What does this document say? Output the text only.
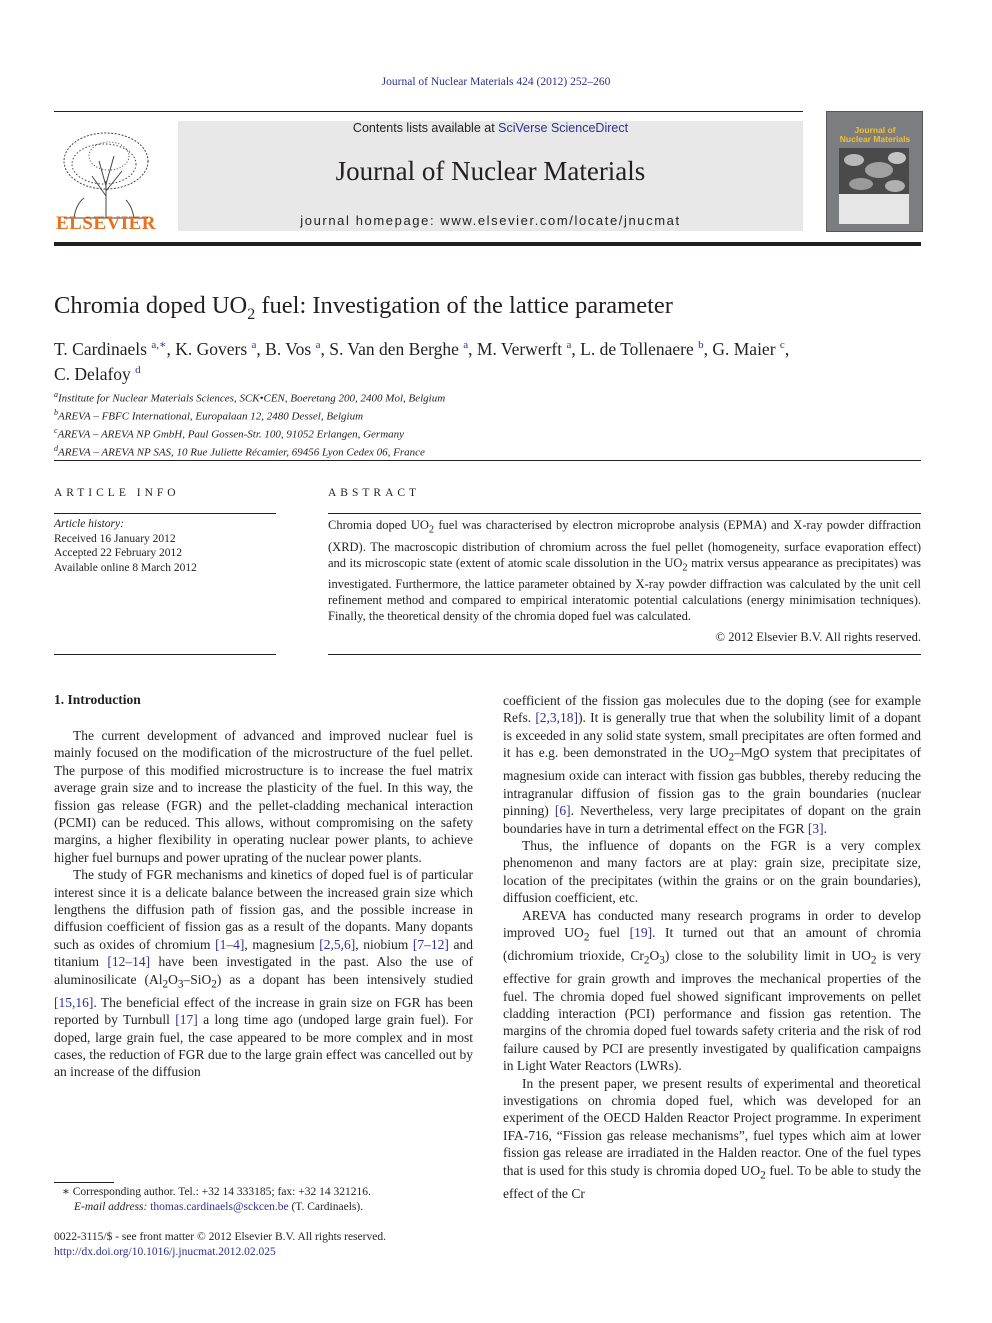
Journal of Nuclear Materials 424 (2012) 252–260
ELSEVIER
Contents lists available at SciVerse ScienceDirect
Journal of Nuclear Materials
journal homepage: www.elsevier.com/locate/jnucmat
Journal of Nuclear Materials
Chromia doped $UO_2$ fuel: Investigation of the lattice parameter
T. Cardinaels $^{a,∗}$, K. Govers $^a$, B. Vos $^a$, S. Van den Berghe $^a$, M. Verwerft $^a$, L. de Tollenaere $^b$, G. Maier $^c$,
C. Delafoy $^d$
$^a$Institute for Nuclear Materials Sciences, SCK•CEN, Boeretang 200, 2400 Mol, Belgium
$^b$AREVA – FBFC International, Europalaan 12, 2480 Dessel, Belgium
$^c$AREVA – AREVA NP GmbH, Paul Gossen-Str. 100, 91052 Erlangen, Germany
$^d$AREVA – AREVA NP SAS, 10 Rue Juliette Récamier, 69456 Lyon Cedex 06, France
ARTICLE INFO	ABSTRACT
Article history:
Received 16 January 2012
Accepted 22 February 2012
Available online 8 March 2012
Chromia doped $UO_2$ fuel was characterised by electron microprobe analysis (EPMA) and X-ray powder diffraction (XRD). The macroscopic distribution of chromium across the fuel pellet (homogeneity, surface evaporation effect) and its microscopic state (extent of atomic scale dissolution in the $UO_2$ matrix versus appearance as precipitates) was investigated. Furthermore, the lattice parameter obtained by X-ray powder diffraction was calculated by the unit cell refinement method and compared to empirical interatomic potential calculations (energy minimisation techniques). Finally, the theoretical density of the chromia doped fuel was calculated.
© 2012 Elsevier B.V. All rights reserved.
1. Introduction

The current development of advanced and improved nuclear fuel is mainly focused on the modification of the microstructure of the fuel pellet. The purpose of this modified microstructure is to increase the fuel matrix average grain size and to increase the plasticity of the fuel. In this way, the fission gas release (FGR) and the pellet-cladding mechanical interaction (PCMI) can be reduced. This allows, without compromising on the safety margins, a higher flexibility in operating nuclear power plants, to achieve higher fuel burnups and power uprating of the nuclear power plants.

The study of FGR mechanisms and kinetics of doped fuel is of particular interest since it is a delicate balance between the increased grain size which lengthens the diffusion path of fission gas, and the possible increase in diffusion coefficient of fission gas as a result of the dopants. Many dopants such as oxides of chromium [1–4], magnesium [2,5,6], niobium [7–12] and titanium [12–14] have been investigated in the past. Also the use of aluminosilicate $(Al_2O_3-SiO_2)$ as a dopant has been intensively studied [15,16]. The beneficial effect of the increase in grain size on FGR has been reported by Turnbull [17] a long time ago (undoped large grain fuel). For doped, large grain fuel, the case appeared to be more complex and in most cases, the reduction of FGR due to the large grain effect was cancelled out by an increase of the diffusion

coefficient of the fission gas molecules due to the doping (see for example Refs. [2,3,18]). It is generally true that when the solubility limit of a dopant is exceeded in any solid state system, small precipitates are often formed and it has e.g. been demonstrated in the $UO_2$–MgO system that precipitates of magnesium oxide can interact with fission gas bubbles, thereby reducing the intragranular diffusion of fission gas to the grain boundaries (nuclear pinning) [6]. Nevertheless, very large precipitates of dopant on the grain boundaries have in turn a detrimental effect on the FGR [3].

Thus, the influence of dopants on the FGR is a very complex phenomenon and many factors are at play: grain size, precipitate size, location of the precipitates (within the grains or on the grain boundaries), diffusion coefficient, etc.

AREVA has conducted many research programs in order to develop improved $UO_2$ fuel [19]. It turned out that an amount of chromia (dichromium trioxide, $Cr_2O_3$) close to the solubility limit in $UO_2$ is very effective for grain growth and improves the mechanical properties of the fuel. The chromia doped fuel showed significant improvements on pellet cladding interaction (PCI) performance and fission gas retention. The margins of the chromia doped fuel towards safety criteria and the risk of rod failure caused by PCI are presently investigated by qualification campaigns in Light Water Reactors (LWRs).

In the present paper, we present results of experimental and theoretical investigations on chromia doped fuel, which was developed for an experiment of the OECD Halden Reactor Project programme. In experiment IFA-716, “Fission gas release mechanisms”, fuel types which aim at lower fission gas release are irradiated in the Halden reactor. One of the fuel types that is used for this study is chromia doped $UO_2$ fuel. To be able to study the effect of the Cr

∗ Corresponding author. Tel.: +32 14 333185; fax: +32 14 321216.
E-mail address: thomas.cardinaels@sckcen.be (T. Cardinaels).
0022-3115/$ - see front matter © 2012 Elsevier B.V. All rights reserved.
http://dx.doi.org/10.1016/j.jnucmat.2012.02.025
